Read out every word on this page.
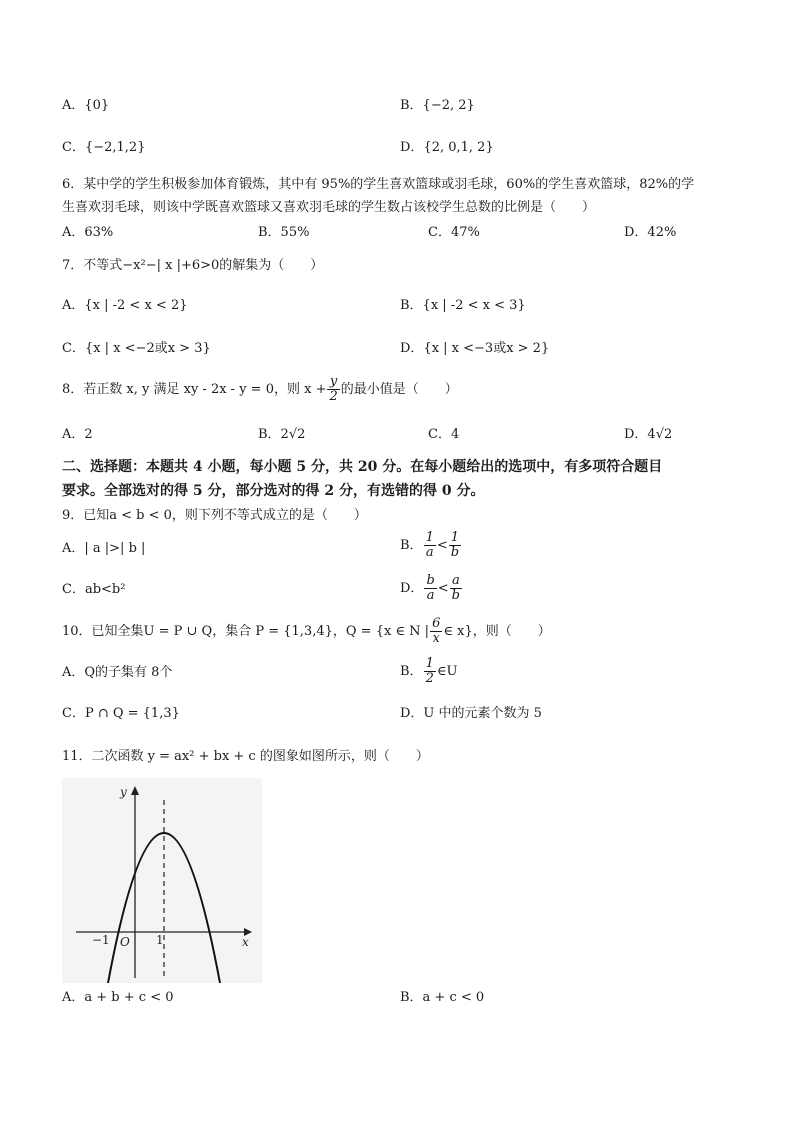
A．{0}	B．{−2, 2}
C．{−2,1,2}	D．{2, 0,1, 2}
6．某中学的学生积极参加体育锻炼，其中有 95%的学生喜欢篮球或羽毛球，60%的学生喜欢篮球，82%的学
生喜欢羽毛球，则该中学既喜欢篮球又喜欢羽毛球的学生数占该校学生总数的比例是（　　）
A．63%	B．55%	C．47%	D．42%
7．不等式−x²−| x |+6>0的解集为（　　）
A．{x | -2 < x < 2}	B．{x | -2 < x < 3}
C．{x | x <−2或x > 3}	D．{x | x <−3或x > 2}
8．若正数 x, y 满足 xy - 2x - y = 0，则 $x + \frac{y}{2}$ 的最小值是（　　）
A．2	B．2√2	C．4	D．4√2
二、选择题：本题共 4 小题，每小题 5 分，共 20 分。在每小题给出的选项中，有多项符合题目
要求。全部选对的得 5 分，部分选对的得 2 分，有选错的得 0 分。
9．已知a < b < 0，则下列不等式成立的是（　　）
A．| a |>| b |	B． $\frac{1}{a} < \frac{1}{b}$
C．ab<b²	D． $\frac{b}{a} < \frac{a}{b}$
10．已知全集U = P ∪ Q，集合 P = {1,3,4}，Q = {x ∈ N | $\frac{6}{x}$ ∈ x}，则（　　）
A．Q的子集有 8个	B． $\frac{1}{2}$ ∈U
C．P ∩ Q = {1,3}	D．U 中的元素个数为 5
11．二次函数 y = ax² + bx + c 的图象如图所示，则（　　）
y
x
O
−1	1
A．a + b + c < 0	B．a + c < 0
